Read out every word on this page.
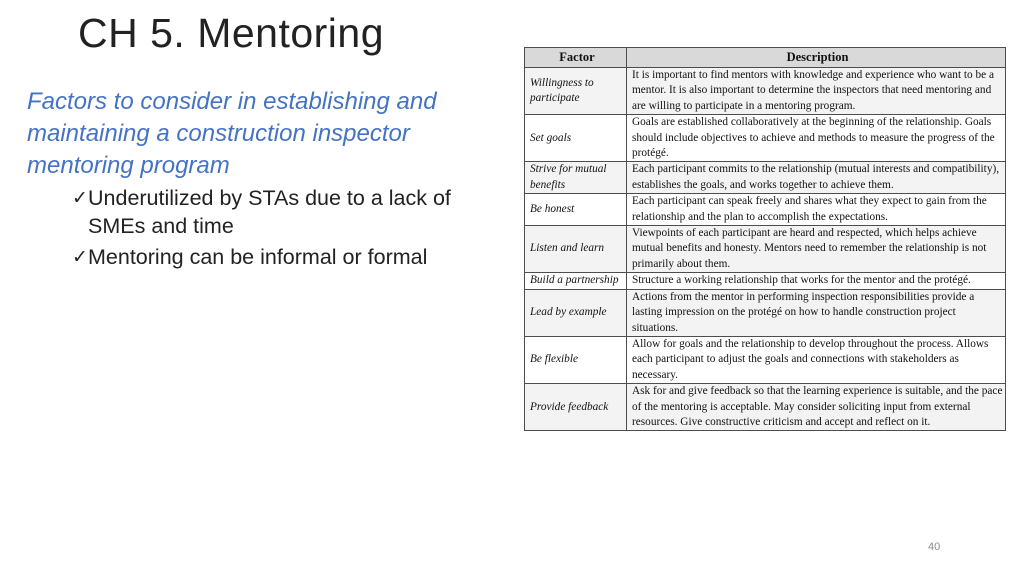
CH 5. Mentoring

Factors to consider in establishing and maintaining a construction inspector mentoring program

✓ Underutilized by STAs due to a lack of SMEs and time
✓ Mentoring can be informal or formal
Factor	Description
Willingness to participate	It is important to find mentors with knowledge and experience who want to be a mentor. It is also important to determine the inspectors that need mentoring and are willing to participate in a mentoring program.
Set goals	Goals are established collaboratively at the beginning of the relationship. Goals should include objectives to achieve and methods to measure the progress of the protégé.
Strive for mutual benefits	Each participant commits to the relationship (mutual interests and compatibility), establishes the goals, and works together to achieve them.
Be honest	Each participant can speak freely and shares what they expect to gain from the relationship and the plan to accomplish the expectations.
Listen and learn	Viewpoints of each participant are heard and respected, which helps achieve mutual benefits and honesty. Mentors need to remember the relationship is not primarily about them.
Build a partnership	Structure a working relationship that works for the mentor and the protégé.
Lead by example	Actions from the mentor in performing inspection responsibilities provide a lasting impression on the protégé on how to handle construction project situations.
Be flexible	Allow for goals and the relationship to develop throughout the process. Allows each participant to adjust the goals and connections with stakeholders as necessary.
Provide feedback	Ask for and give feedback so that the learning experience is suitable, and the pace of the mentoring is acceptable. May consider soliciting input from external resources. Give constructive criticism and accept and reflect on it.
40
